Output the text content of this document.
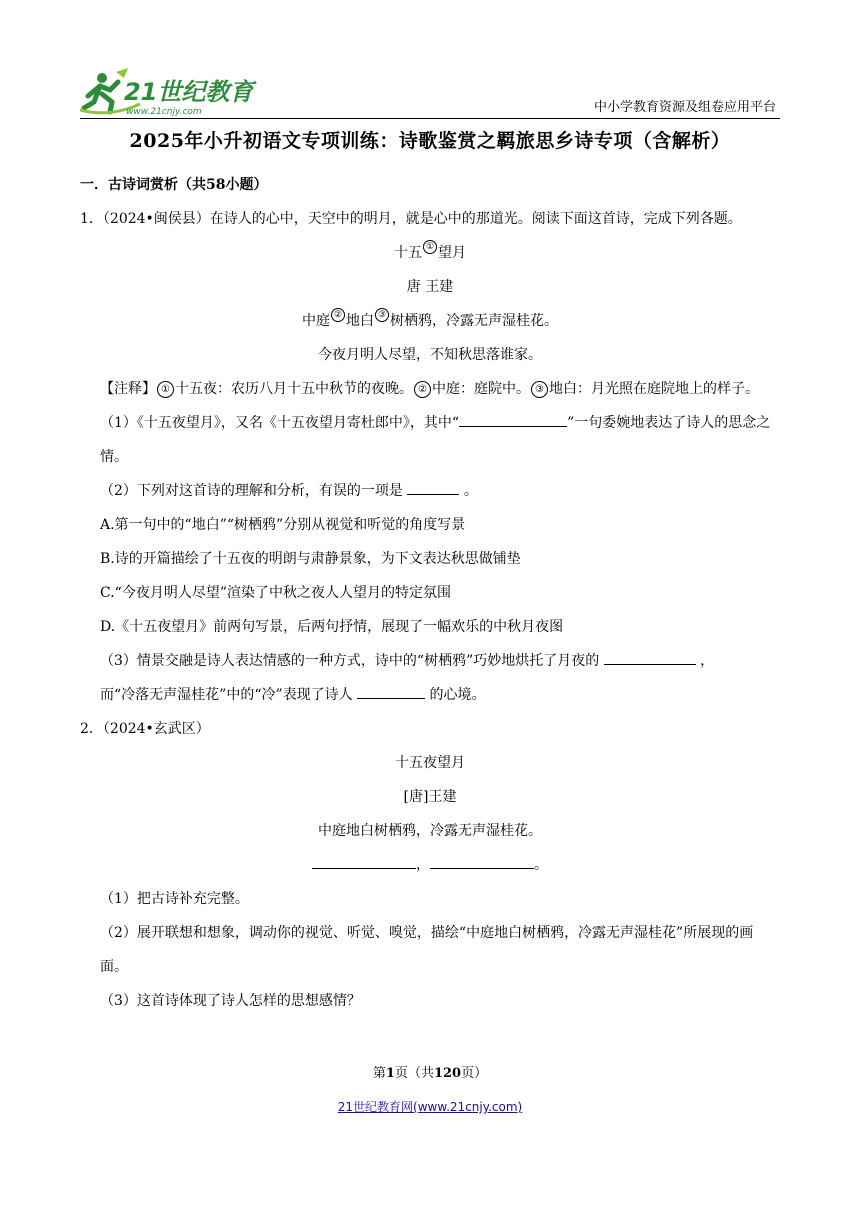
21世纪教育
www.21cnjy.com	中小学教育资源及组卷应用平台
2025年小升初语文专项训练：诗歌鉴赏之羁旅思乡诗专项（含解析）

一．古诗词赏析（共58小题）

1．（2024•闽侯县）在诗人的心中，天空中的明月，就是心中的那道光。阅读下面这首诗，完成下列各题。

十五 ① 望月

唐 王建

中庭 ② 地白 ③ 树栖鸦，冷露无声湿桂花。

今夜月明人尽望，不知秋思落谁家。

【注释】 ① 十五夜：农历八月十五中秋节的夜晚。 ② 中庭：庭院中。 ③ 地白：月光照在庭院地上的样子。

（1）《十五夜望月》，又名《十五夜望月寄杜郎中》，其中“	”一句委婉地表达了诗人的思念之情。

（2）下列对这首诗的理解和分析，有误的一项是	。

A.第一句中的“地白”“树栖鸦”分别从视觉和听觉的角度写景

B.诗的开篇描绘了十五夜的明朗与肃静景象，为下文表达秋思做铺垫

C.“今夜月明人尽望”渲染了中秋之夜人人望月的特定氛围

D.《十五夜望月》前两句写景，后两句抒情，展现了一幅欢乐的中秋月夜图

（3）情景交融是诗人表达情感的一种方式，诗中的“树栖鸦”巧妙地烘托了月夜的	，

而“冷落无声湿桂花”中的“冷”表现了诗人	的心境。

2．（2024•玄武区）

十五夜望月

[唐]王建

中庭地白树栖鸦，冷露无声湿桂花。

，	。

（1）把古诗补充完整。

（2）展开联想和想象，调动你的视觉、听觉、嗅觉，描绘“中庭地白树栖鸦，冷露无声湿桂花”所展现的画面。

（3）这首诗体现了诗人怎样的思想感情？

第1页（共120页）
21世纪教育网(www.21cnjy.com)
